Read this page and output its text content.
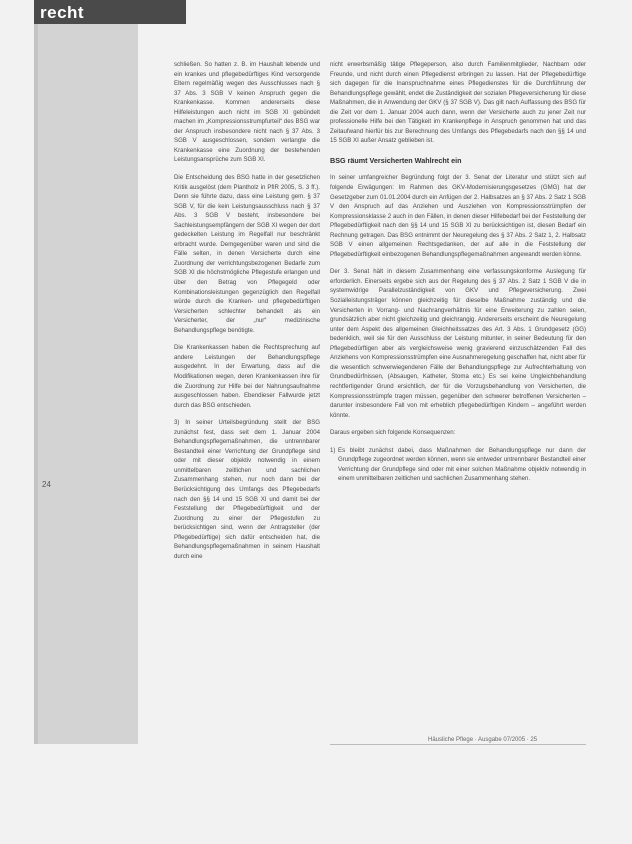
recht
24

schließen. So hatten z. B. im Haushalt lebende und ein krankes und pflegebedürftiges Kind versorgende Eltern regelmäßig wegen des Ausschlusses nach § 37 Abs. 3 SGB V keinen Anspruch gegen die Krankenkasse. Kommen andererseits diese Hilfeleistungen auch nicht im SGB XI gebündelt machen im „Kompressionsstrumpfurteil“ des BSG war der Anspruch insbesondere nicht nach § 37 Abs. 3 SGB V ausgeschlossen, sondern verlangte die Krankenkasse eine Zuordnung der bestehenden Leistungsansprüche zum SGB XI.

Die Entscheidung des BSG hatte in der gesetzlichen Kritik ausgelöst (dem Plantholz in PflR 2005, S. 3 ff.). Denn sie führte dazu, dass eine Leistung gem. § 37 SGB V, für die kein Leistungsausschluss nach § 37 Abs. 3 SGB V besteht, insbesondere bei Sachleistungsempfängern der SGB XI wegen der dort gedeckelten Leistung im Regelfall nur beschränkt erbracht wurde. Demgegenüber waren und sind die Fälle selten, in denen Versicherte durch eine Zuordnung der verrichtungsbezogenen Bedarfe zum SGB XI die höchstmögliche Pflegestufe erlangen und über den Betrag von Pflegegeld oder Kombinationsleistungen gegenzüglich den Regelfall würde durch die Kranken- und pflegebedürftigen Versicherten schlechter behandelt als ein Versicherter, der „nur“ medizinische Behandlungspflege benötigte.

Die Krankenkassen haben die Rechtsprechung auf andere Leistungen der Behandlungspflege ausgedehnt. In der Erwartung, dass auf die Modifikationen wegen, deren Krankenkassen ihre für die Zuordnung zur Hilfe bei der Nahrungsaufnahme ausgeschlossen haben. Ebendieser Fallwurde jetzt durch das BSG entschieden.

3) In seiner Urteilsbegründung stellt der BSG zunächst fest, dass seit dem 1. Januar 2004 Behandlungspflegemaßnahmen, die untrennbarer Bestandteil einer Verrichtung der Grundpflege sind oder mit dieser objektiv notwendig in einem unmittelbaren zeitlichen und sachlichen Zusammenhang stehen, nur noch dann bei der Berücksichtigung des Umfangs des Pflegebedarfs nach den §§ 14 und 15 SGB XI und damit bei der Feststellung der Pflegebedürftigkeit und der Zuordnung zu einer der Pflegestufen zu berücksichtigen sind, wenn der Antragsteller (der Pflegebedürftige) sich dafür entscheiden hat, die Behandlungspflegemaßnahmen in seinem Haushalt durch eine

nicht erwerbsmäßig tätige Pflegeperson, also durch Familienmitglieder, Nachbarn oder Freunde, und nicht durch einen Pflegedienst erbringen zu lassen. Hat der Pflegebedürftige sich dagegen für die Inanspruchnahme eines Pflegedienstes für die Durchführung der Behandlungspflege gewählt, endet die Zuständigkeit der sozialen Pflegeversicherung für diese Maßnahmen, die in Anwendung der GKV (§ 37 SGB V). Das gilt nach Auffassung des BSG für die Zeit vor dem 1. Januar 2004 auch dann, wenn der Versicherte auch zu jener Zeit nur professionelle Hilfe bei den Tätigkeit im Krankenpflege in Anspruch genommen hat und das Zeitaufwand hierfür bis zur Berechnung des Umfangs des Pflegebedarfs nach den §§ 14 und 15 SGB XI außer Ansatz geblieben ist.

BSG räumt Versicherten Wahlrecht ein

In seiner umfangreicher Begründung folgt der 3. Senat der Literatur und stützt sich auf folgende Erwägungen: Im Rahmen des GKV-Modernisierungsgesetzes (GMG) hat der Gesetzgeber zum 01.01.2004 durch ein Anfügen der 2. Halbsatzes an § 37 Abs. 2 Satz 1 SGB V den Anspruch auf das Anziehen und Ausziehen von Kompressionsstrümpfen der Kompressionsklasse 2 auch in den Fällen, in denen dieser Hilfebedarf bei der Feststellung der Pflegebedürftigkeit nach den §§ 14 und 15 SGB XI zu berücksichtigen ist, diesen Bedarf ein Rechnung getragen. Das BSG entnimmt der Neuregelung des § 37 Abs. 2 Satz 1, 2. Halbsatz SGB V einen allgemeinen Rechtsgedanken, der auf alle in die Feststellung der Pflegebedürftigkeit einbezogenen Behandlungspflegemaßnahmen angewandt werden könne.

Der 3. Senat hält in diesem Zusammenhang eine verfassungskonforme Auslegung für erforderlich. Einerseits ergebe sich aus der Regelung des § 37 Abs. 2 Satz 1 SGB V die in systemwidrige Parallelzuständigkeit von GKV und Pflegeversicherung. Zwei Sozialleistungsträger können gleichzeitig für dieselbe Maßnahme zuständig und die Versicherten in Vorrang- und Nachrangverhältnis für eine Erweiterung zu zahlen seien, grundsätzlich aber nicht gleichzeitig und gleichrangig. Andererseits erscheint die Neuregelung unter dem Aspekt des allgemeinen Gleichheitssatzes des Art. 3 Abs. 1 Grundgesetz (GG) bedenklich, weil sie für den Ausschluss der Leistung mitunter, in seiner Bedeutung für den Pflegebedürftigen aber als vergleichsweise wenig gravierend einzuschätzenden Fall des Anziehens von Kompressionsstrümpfen eine Ausnahmeregelung geschaffen hat, nicht aber für die wesentlich schwerwiegenderen Fälle der Behandlungspflege zur Aufrechterhaltung von Grundbedürfnissen, (Absaugen, Katheter, Stoma etc.) Es sei keine Ungleichbehandlung rechtfertigender Grund ersichtlich, der für die Vorzugsbehandlung von Versicherten, die Kompressionsstrümpfe tragen müssen, gegenüber den schwerer betroffenen Versicherten – darunter insbesondere Fall von mit erheblich pflegebedürftigen Kindern – angeführt werden könnte.

Daraus ergeben sich folgende Konsequenzen:

1) Es bleibt zunächst dabei, dass Maßnahmen der Behandlungspflege nur dann der Grundpflege zugeordnet werden können, wenn sie entweder untrennbarer Bestandteil einer Verrichtung der Grundpflege sind oder mit einer solchen Maßnahme objektiv notwendig in einem unmittelbaren zeitlichen und sachlichen Zusammenhang stehen.
Häusliche Pflege · Ausgabe 07/2005 · 25
